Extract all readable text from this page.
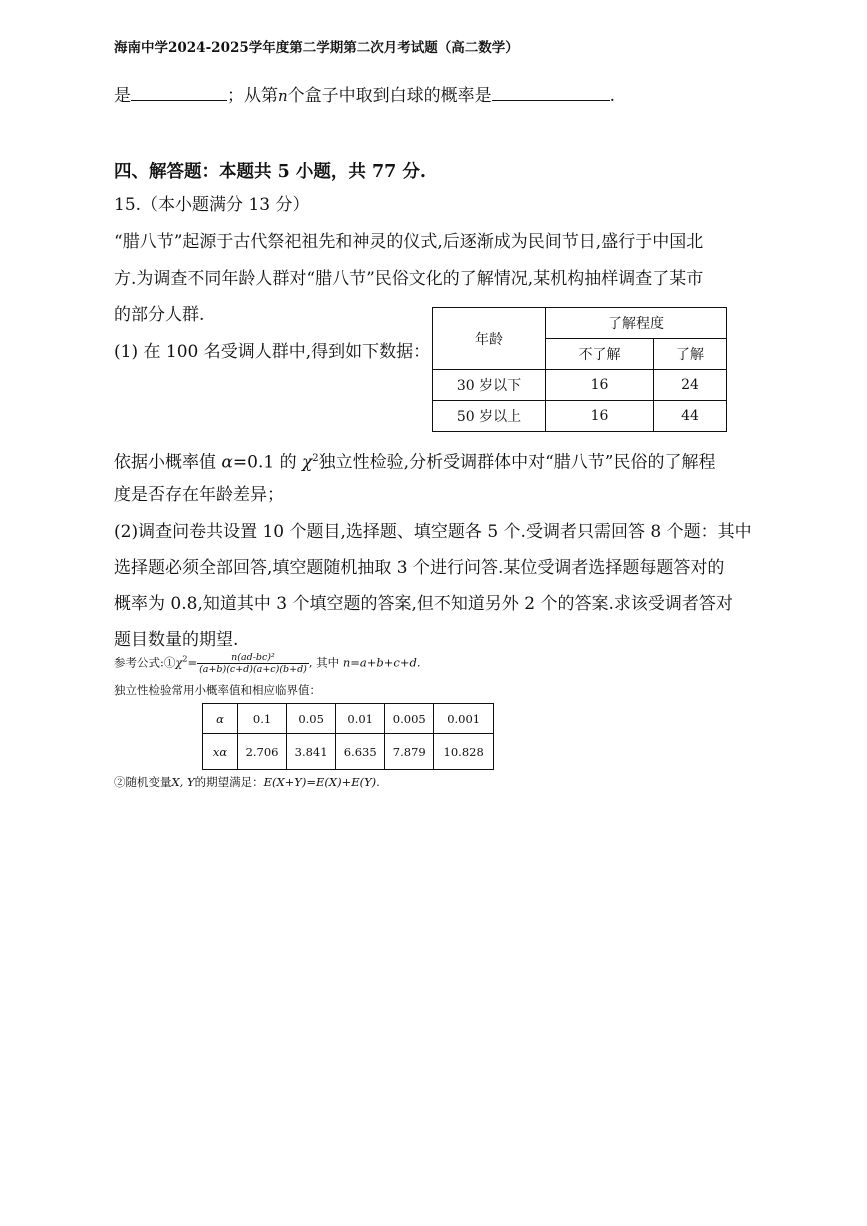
海南中学2024-2025学年度第二学期第二次月考试题（高二数学）
是	；从第n个盒子中取到白球的概率是	.
四、解答题：本题共 5 小题，共 77 分.
15.（本小题满分 13 分）
“腊八节”起源于古代祭祀祖先和神灵的仪式,后逐渐成为民间节日,盛行于中国北
方.为调查不同年龄人群对“腊八节”民俗文化的了解情况,某机构抽样调查了某市
的部分人群.
(1) 在 100 名受调人群中,得到如下数据：
年龄	了解程度	
	不了解	了解
30 岁以下	16	24
50 岁以上	16	44
依据小概率值 α=0.1 的 $\chi^2$独立性检验,分析受调群体中对“腊八节”民俗的了解程
度是否存在年龄差异；
(2)调查问卷共设置 10 个题目,选择题、填空题各 5 个.受调者只需回答 8 个题：其中
选择题必须全部回答,填空题随机抽取 3 个进行问答.某位受调者选择题每题答对的
概率为 0.8,知道其中 3 个填空题的答案,但不知道另外 2 个的答案.求该受调者答对
题目数量的期望.
参考公式$:①\chi^2= \frac{\text{n(ad-bc)²}}{(a+b)(c+d)(a+c)(b+d)}$ , 其中 n=a+b+c+d.
独立性检验常用小概率值和相应临界值：
α	0.1	0.05	0.01	0.005	0.001
xα	2.706	3.841	6.635	7.879	10.828
②随机变量X, Y的期望满足：E(X+Y)=E(X)+E(Y).
